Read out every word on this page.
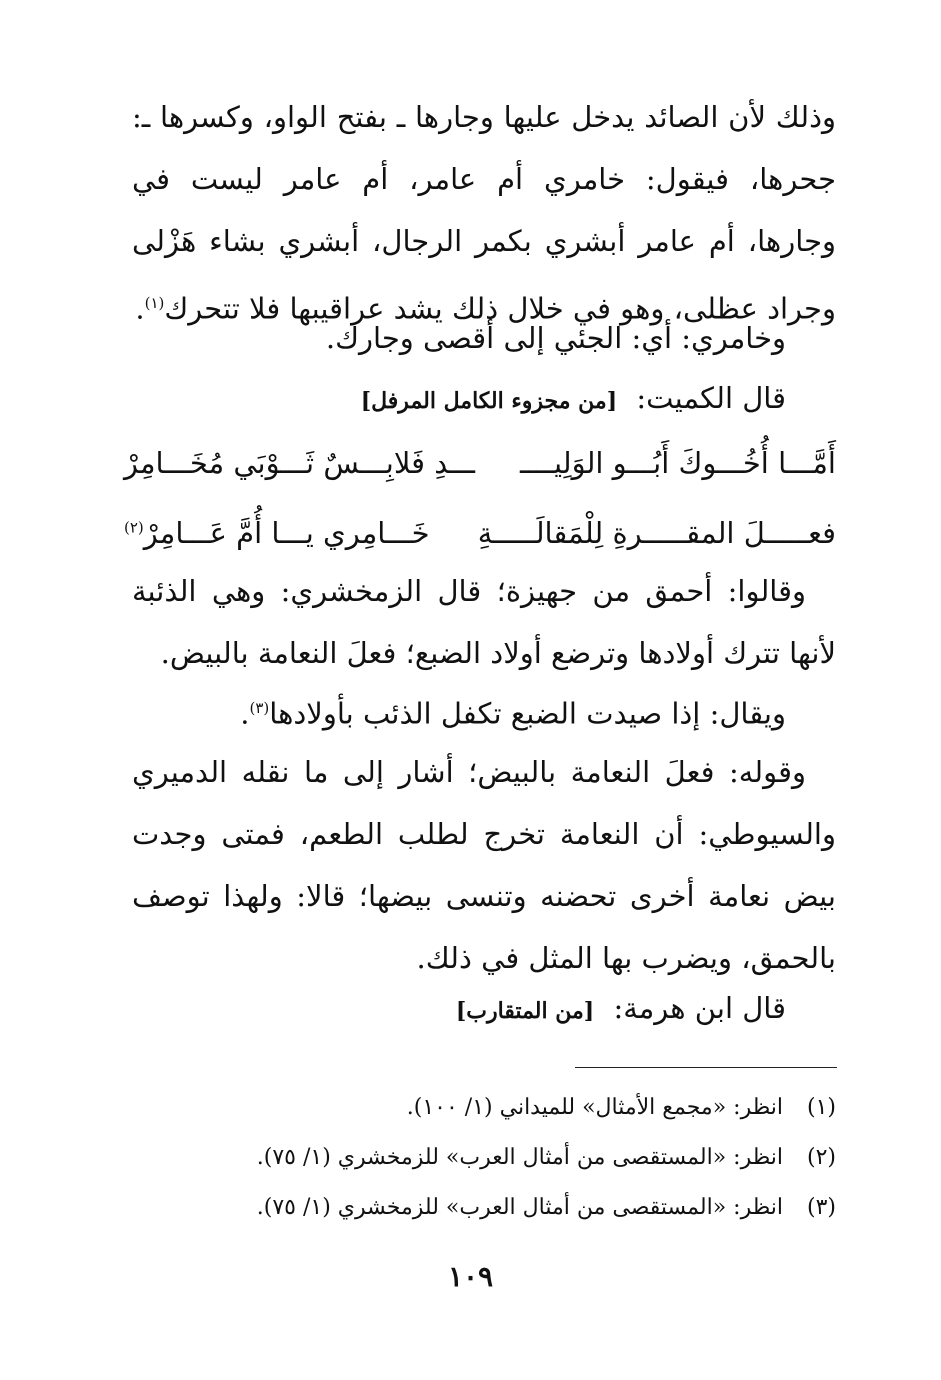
وذلك لأن الصائد يدخل عليها وجارها ـ بفتح الواو، وكسرها ـ: جحرها، فيقول: خامري أم عامر، أم عامر ليست في وجارها، أم عامر أبشري بكمر الرجال، أبشري بشاء هَزْلى وجراد عظلى، وهو في خلال ذلك يشد عراقيبها فلا تتحرك$^{(١)}$.

وخامري: أي: الجئي إلى أقصى وجارك.

قال الكميت: [من مجزوء الكامل المرفل]

أَمَّـــا أُخُـــوكَ أَبُـــو الوَلِيــــ
ـــدِ فَلابِـــسٌ ثَـــوْبَي مُخَـــامِرْ
فعـــــلَ المقـــــرةِ لِلْمَقالَـــــةِ
خَـــامِري يـــا أُمَّ عَـــامِرْ$^{(٢)}$

وقالوا: أحمق من جهيزة؛ قال الزمخشري: وهي الذئبة لأنها تترك أولادها وترضع أولاد الضبع؛ فعلَ النعامة بالبيض.

ويقال: إذا صيدت الضبع تكفل الذئب بأولادها$^{(٣)}$.

وقوله: فعلَ النعامة بالبيض؛ أشار إلى ما نقله الدميري والسيوطي: أن النعامة تخرج لطلب الطعم، فمتى وجدت بيض نعامة أخرى تحضنه وتنسى بيضها؛ قالا: ولهذا توصف بالحمق، ويضرب بها المثل في ذلك.

قال ابن هرمة: [من المتقارب]

(١) انظر: «مجمع الأمثال» للميداني (١/ ١٠٠).
(٢) انظر: «المستقصى من أمثال العرب» للزمخشري (١/ ٧٥).
(٣) انظر: «المستقصى من أمثال العرب» للزمخشري (١/ ٧٥).
١٠٩
